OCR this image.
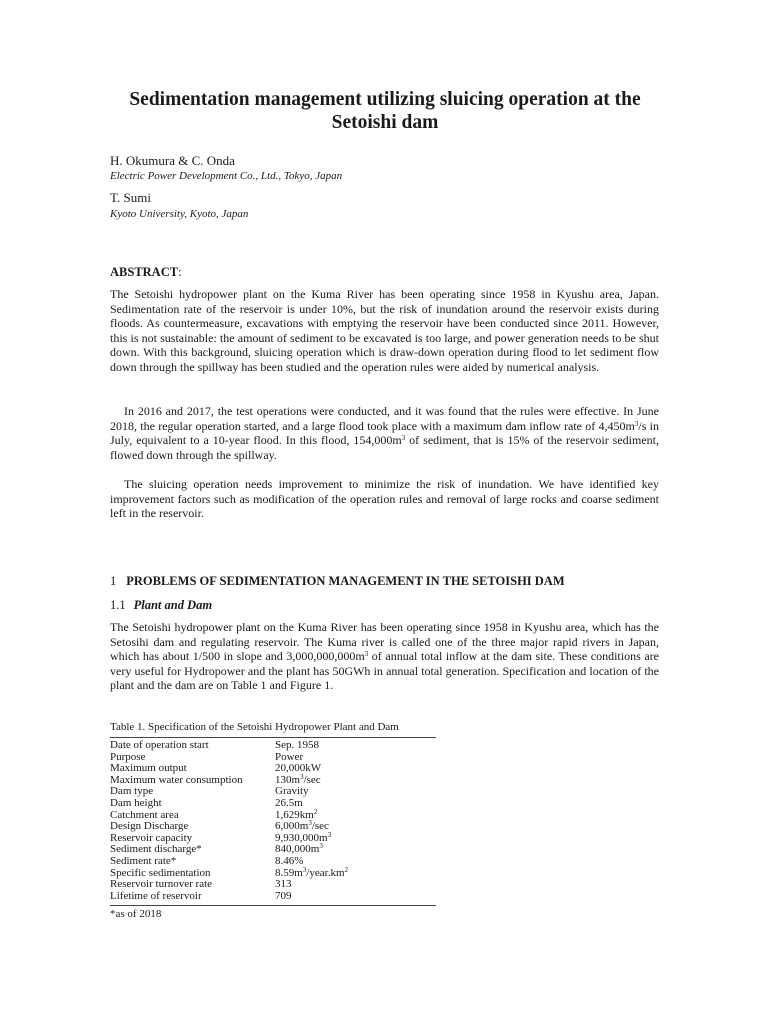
Sedimentation management utilizing sluicing operation at the Setoishi dam
H. Okumura & C. Onda
Electric Power Development Co., Ltd., Tokyo, Japan
T. Sumi
Kyoto University, Kyoto, Japan
ABSTRACT:

The Setoishi hydropower plant on the Kuma River has been operating since 1958 in Kyushu area, Japan. Sedimentation rate of the reservoir is under 10%, but the risk of inundation around the reservoir exists during floods. As countermeasure, excavations with emptying the reservoir have been conducted since 2011. However, this is not sustainable: the amount of sediment to be excavated is too large, and power generation needs to be shut down. With this background, sluicing operation which is draw-down operation during flood to let sediment flow down through the spillway has been studied and the operation rules were aided by numerical analysis.

In 2016 and 2017, the test operations were conducted, and it was found that the rules were effective. In June 2018, the regular operation started, and a large flood took place with a maximum dam inflow rate of $4,450m^3/s$ in July, equivalent to a 10-year flood. In this flood, $154,000m^3$ of sediment, that is 15% of the reservoir sediment, flowed down through the spillway.

The sluicing operation needs improvement to minimize the risk of inundation. We have identified key improvement factors such as modification of the operation rules and removal of large rocks and coarse sediment left in the reservoir.

1 PROBLEMS OF SEDIMENTATION MANAGEMENT IN THE SETOISHI DAM
1.1 Plant and Dam

The Setoishi hydropower plant on the Kuma River has been operating since 1958 in Kyushu area, which has the Setosihi dam and regulating reservoir. The Kuma river is called one of the three major rapid rivers in Japan, which has about 1/500 in slope and $3,000,000,000m^3$ of annual total inflow at the dam site. These conditions are very useful for Hydropower and the plant has 50GWh in annual total generation. Specification and location of the plant and the dam are on Table 1 and Figure 1.

Table 1. Specification of the Setoishi Hydropower Plant and Dam
Date of operation start	Sep. 1958
Purpose	Power
Maximum output	20,000kW
Maximum water consumption	$130m^3/\sec$
Dam type	Gravity
Dam height	26.5m
Catchment area	$1,629km^2$
Design Discharge	$6,000m^3/\sec$
Reservoir capacity	$9,930,000m^3$
Sediment discharge*	$840,000m^3$
Sediment rate*	8.46%
Specific sedimentation	$8.59m^3/year.km^2$
Reservoir turnover rate	313
Lifetime of reservoir	709
*as of 2018
